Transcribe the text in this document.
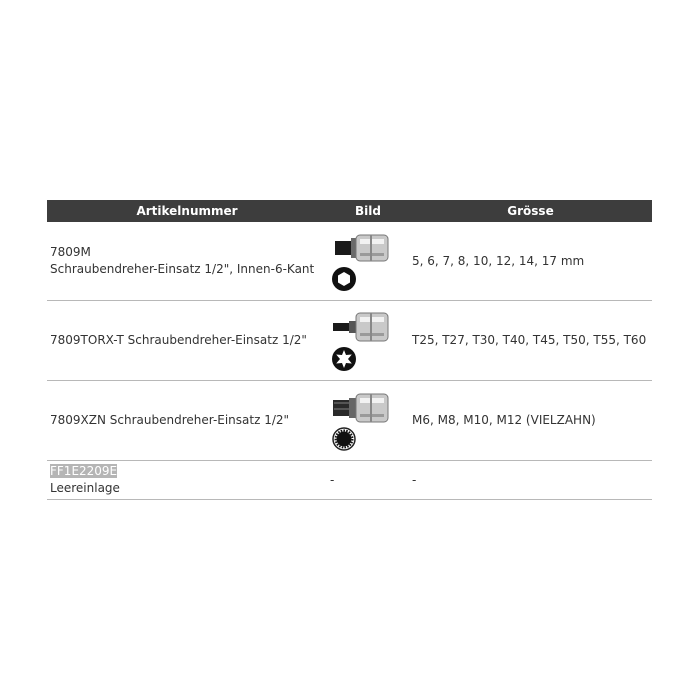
Artikelnummer	Bild	Grösse

7809M
Schraubendreher-Einsatz 1/2", Innen-6-Kant		5, 6, 7, 8, 10, 12, 14, 17 mm
7809TORX-T Schraubendreher-Einsatz 1/2"		T25, T27, T30, T40, T45, T50, T55, T60
7809XZN Schraubendreher-Einsatz 1/2"		M6, M8, M10, M12 (VIELZAHN)

FF1E2209E
Leereinlage	-	-
